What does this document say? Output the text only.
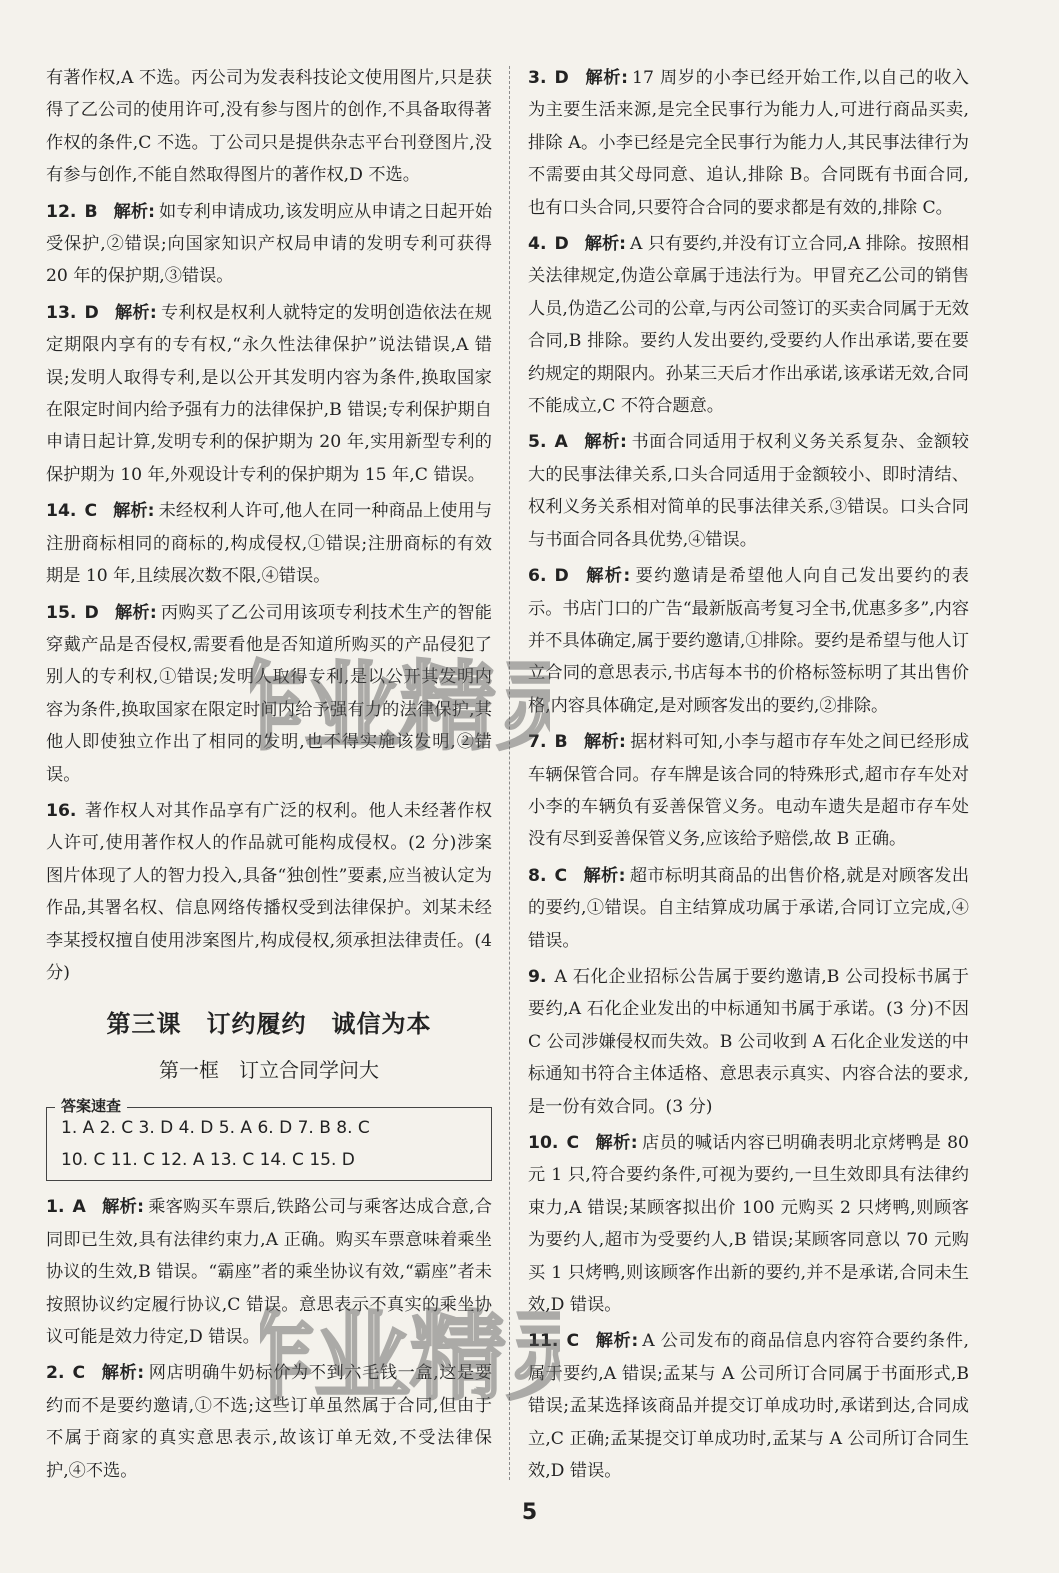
有著作权,A 不选。丙公司为发表科技论文使用图片,只是获得了乙公司的使用许可,没有参与图片的创作,不具备取得著作权的条件,C 不选。丁公司只是提供杂志平台刊登图片,没有参与创作,不能自然取得图片的著作权,D 不选。
12. B 解析: 如专利申请成功,该发明应从申请之日起开始受保护,②错误;向国家知识产权局申请的发明专利可获得 20 年的保护期,③错误。
13. D 解析: 专利权是权利人就特定的发明创造依法在规定期限内享有的专有权,“永久性法律保护”说法错误,A 错误;发明人取得专利,是以公开其发明内容为条件,换取国家在限定时间内给予强有力的法律保护,B 错误;专利保护期自申请日起计算,发明专利的保护期为 20 年,实用新型专利的保护期为 10 年,外观设计专利的保护期为 15 年,C 错误。
14. C 解析: 未经权利人许可,他人在同一种商品上使用与注册商标相同的商标的,构成侵权,①错误;注册商标的有效期是 10 年,且续展次数不限,④错误。
15. D 解析: 丙购买了乙公司用该项专利技术生产的智能穿戴产品是否侵权,需要看他是否知道所购买的产品侵犯了别人的专利权,①错误;发明人取得专利,是以公开其发明内容为条件,换取国家在限定时间内给予强有力的法律保护,其他人即使独立作出了相同的发明,也不得实施该发明,②错误。
16. 著作权人对其作品享有广泛的权利。他人未经著作权人许可,使用著作权人的作品就可能构成侵权。(2 分)涉案图片体现了人的智力投入,具备“独创性”要素,应当被认定为作品,其署名权、信息网络传播权受到法律保护。刘某未经李某授权擅自使用涉案图片,构成侵权,须承担法律责任。(4 分)
第三课　订约履约　诚信为本
第一框　订立合同学问大
答案速查
1. A 2. C 3. D 4. D 5. A 6. D 7. B 8. C
10. C 11. C 12. A 13. C 14. C 15. D
1. A 解析: 乘客购买车票后,铁路公司与乘客达成合意,合同即已生效,具有法律约束力,A 正确。购买车票意味着乘坐协议的生效,B 错误。“霸座”者的乘坐协议有效,“霸座”者未按照协议约定履行协议,C 错误。意思表示不真实的乘坐协议可能是效力待定,D 错误。
2. C 解析: 网店明确牛奶标价为不到六毛钱一盒,这是要约而不是要约邀请,①不选;这些订单虽然属于合同,但由于不属于商家的真实意思表示,故该订单无效,不受法律保护,④不选。
3. D 解析: 17 周岁的小李已经开始工作,以自己的收入为主要生活来源,是完全民事行为能力人,可进行商品买卖,排除 A。小李已经是完全民事行为能力人,其民事法律行为不需要由其父母同意、追认,排除 B。合同既有书面合同,也有口头合同,只要符合合同的要求都是有效的,排除 C。
4. D 解析: A 只有要约,并没有订立合同,A 排除。按照相关法律规定,伪造公章属于违法行为。甲冒充乙公司的销售人员,伪造乙公司的公章,与丙公司签订的买卖合同属于无效合同,B 排除。要约人发出要约,受要约人作出承诺,要在要约规定的期限内。孙某三天后才作出承诺,该承诺无效,合同不能成立,C 不符合题意。
5. A 解析: 书面合同适用于权利义务关系复杂、金额较大的民事法律关系,口头合同适用于金额较小、即时清结、权利义务关系相对简单的民事法律关系,③错误。口头合同与书面合同各具优势,④错误。
6. D 解析: 要约邀请是希望他人向自己发出要约的表示。书店门口的广告“最新版高考复习全书,优惠多多”,内容并不具体确定,属于要约邀请,①排除。要约是希望与他人订立合同的意思表示,书店每本书的价格标签标明了其出售价格,内容具体确定,是对顾客发出的要约,②排除。
7. B 解析: 据材料可知,小李与超市存车处之间已经形成车辆保管合同。存车牌是该合同的特殊形式,超市存车处对小李的车辆负有妥善保管义务。电动车遗失是超市存车处没有尽到妥善保管义务,应该给予赔偿,故 B 正确。
8. C 解析: 超市标明其商品的出售价格,就是对顾客发出的要约,①错误。自主结算成功属于承诺,合同订立完成,④错误。
9. A 石化企业招标公告属于要约邀请,B 公司投标书属于要约,A 石化企业发出的中标通知书属于承诺。(3 分)不因 C 公司涉嫌侵权而失效。B 公司收到 A 石化企业发送的中标通知书符合主体适格、意思表示真实、内容合法的要求,是一份有效合同。(3 分)
10. C 解析: 店员的喊话内容已明确表明北京烤鸭是 80 元 1 只,符合要约条件,可视为要约,一旦生效即具有法律约束力,A 错误;某顾客拟出价 100 元购买 2 只烤鸭,则顾客为要约人,超市为受要约人,B 错误;某顾客同意以 70 元购买 1 只烤鸭,则该顾客作出新的要约,并不是承诺,合同未生效,D 错误。
11. C 解析: A 公司发布的商品信息内容符合要约条件,属于要约,A 错误;孟某与 A 公司所订合同属于书面形式,B 错误;孟某选择该商品并提交订单成功时,承诺到达,合同成立,C 正确;孟某提交订单成功时,孟某与 A 公司所订合同生效,D 错误。
作业精灵
作业精灵
5
